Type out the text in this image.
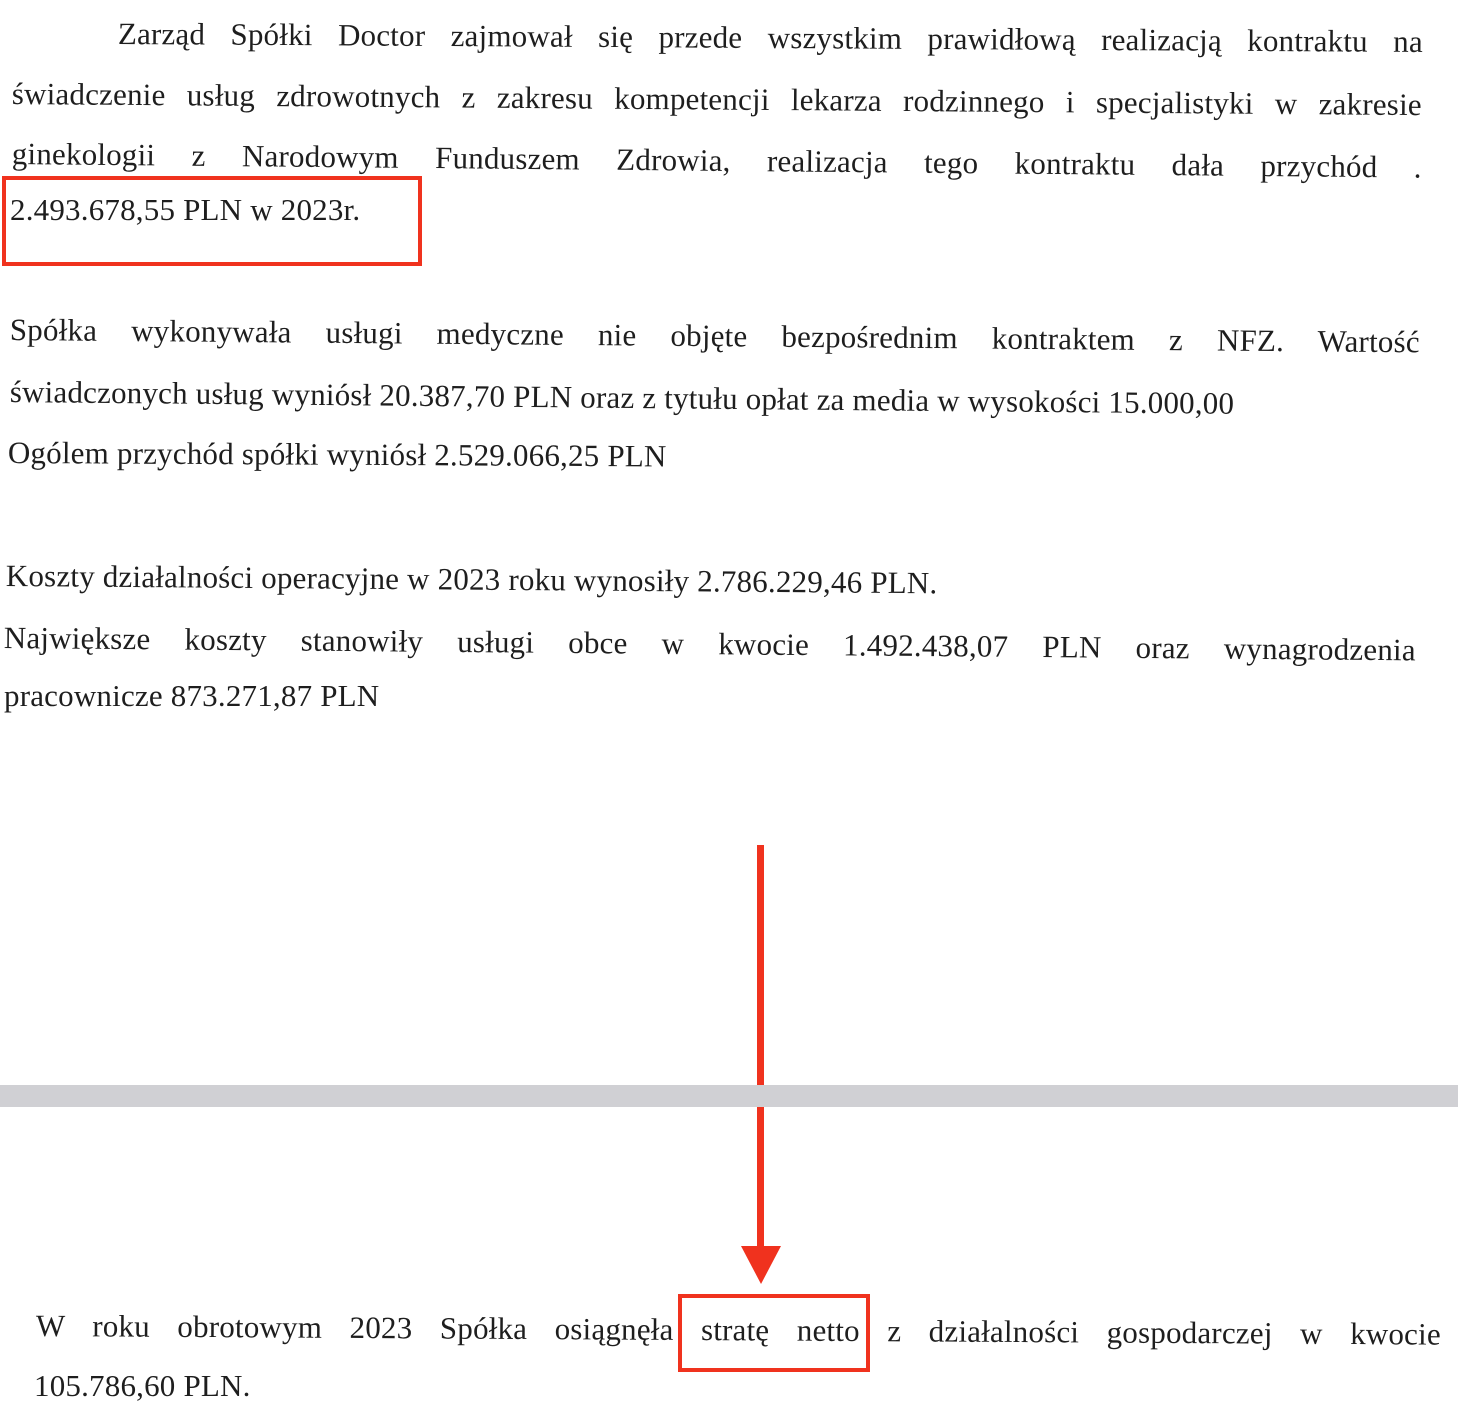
Zarząd Spółki Doctor zajmował się przede wszystkim prawidłową realizacją kontraktu na
świadczenie usług zdrowotnych z zakresu kompetencji lekarza rodzinnego i specjalistyki w zakresie
ginekologii z Narodowym Funduszem Zdrowia, realizacja tego kontraktu dała przychód .
2.493.678,55 PLN w 2023r.
Spółka wykonywała usługi medyczne nie objęte bezpośrednim kontraktem z NFZ. Wartość
świadczonych usług wyniósł 20.387,70 PLN oraz z tytułu opłat za media w wysokości 15.000,00
Ogólem przychód spółki wyniósł 2.529.066,25 PLN
Koszty działalności operacyjne w 2023 roku wynosiły 2.786.229,46 PLN.
Największe koszty stanowiły usługi obce w kwocie 1.492.438,07 PLN oraz wynagrodzenia
pracownicze 873.271,87 PLN
W roku obrotowym 2023 Spółka osiągnęła stratę netto z działalności gospodarczej w kwocie
105.786,60 PLN.
